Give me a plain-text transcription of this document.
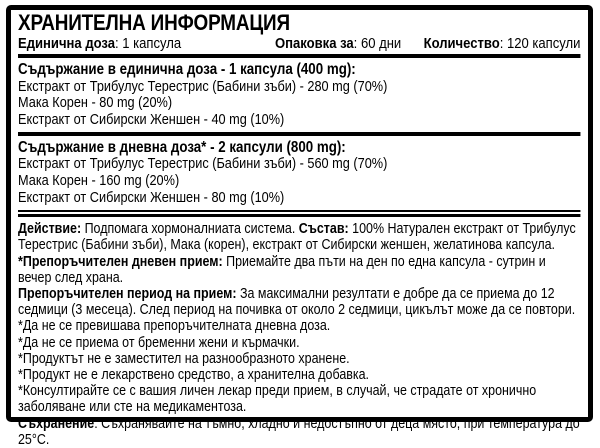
ХРАНИТЕЛНА ИНФОРМАЦИЯ
Единична доза: 1 капсула	Опаковка за: 60 дни Количество: 120 капсули
Съдържание в единична доза - 1 капсула (400 mg):
Екстракт от Трибулус Терестрис (Бабини зъби) - 280 mg (70%)
Мака Корен - 80 mg (20%)
Екстракт от Сибирски Женшен - 40 mg (10%)
Съдържание в дневна доза* - 2 капсули (800 mg):
Екстракт от Трибулус Терестрис (Бабини зъби) - 560 mg (70%)
Мака Корен - 160 mg (20%)
Екстракт от Сибирски Женшен - 80 mg (10%)

Действие: Подпомага хормоналниата система. Състав: 100% Натурален екстракт от Трибулус Терестрис (Бабини зъби), Мака (корен), екстракт от Сибирски женшен, желатинова капсула.

*Препоръчителен дневен прием: Приемайте два пъти на ден по една капсула - сутрин и вечер след храна.

Препоръчителен период на прием: За максимални резултати е добре да се приема до 12 седмици (3 месеца). След период на почивка от около 2 седмици, цикълът може да се повтори.

*Да не се превишава препоръчителната дневна доза.

*Да не се приема от бременни жени и кърмачки.

*Продуктът не е заместител на разнообразното хранене.

*Продукт не е лекарствено средство, а хранителна добавка.

*Консултирайте се с вашия личен лекар преди прием, в случай, че страдате от хронично заболяване или сте на медикаментоза.

Съхранение: Съхранявайте на тъмно, хладно и недостъпно от деца място, при температура до 25°C.
